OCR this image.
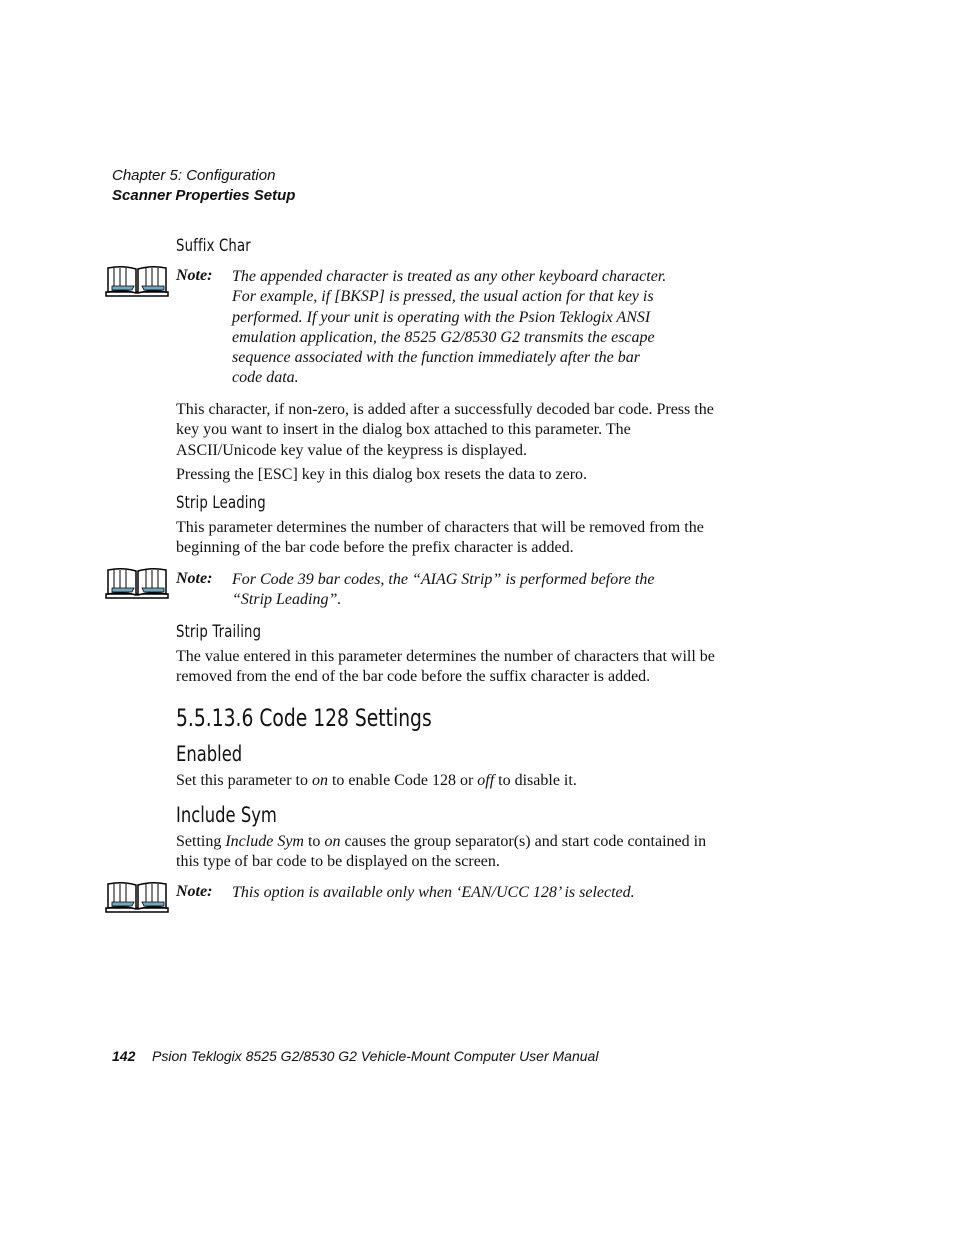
Chapter 5: Configuration
Scanner Properties Setup
Suffix Char
Note: The appended character is treated as any other keyboard character.

For example, if [BKSP] is pressed, the usual action for that key is

performed. If your unit is operating with the Psion Teklogix ANSI

emulation application, the 8525 G2/8530 G2 transmits the escape

sequence associated with the function immediately after the bar

code data.

This character, if non-zero, is added after a successfully decoded bar code. Press the

key you want to insert in the dialog box attached to this parameter. The

ASCII/Unicode key value of the keypress is displayed.

Pressing the [ESC] key in this dialog box resets the data to zero.
Strip Leading

This parameter determines the number of characters that will be removed from the

beginning of the bar code before the prefix character is added.

Note: For Code 39 bar codes, the “AIAG Strip” is performed before the

“Strip Leading”.

Strip Trailing

The value entered in this parameter determines the number of characters that will be

removed from the end of the bar code before the suffix character is added.

5.5.13.6 Code 128 Settings
Enabled
Set this parameter to on to enable Code 128 or off to disable it.
Include Sym

Setting Include Sym to on causes the group separator(s) and start code contained in

this type of bar code to be displayed on the screen.

Note: This option is available only when ‘EAN/UCC 128’ is selected.
142 Psion Teklogix 8525 G2/8530 G2 Vehicle-Mount Computer User Manual
